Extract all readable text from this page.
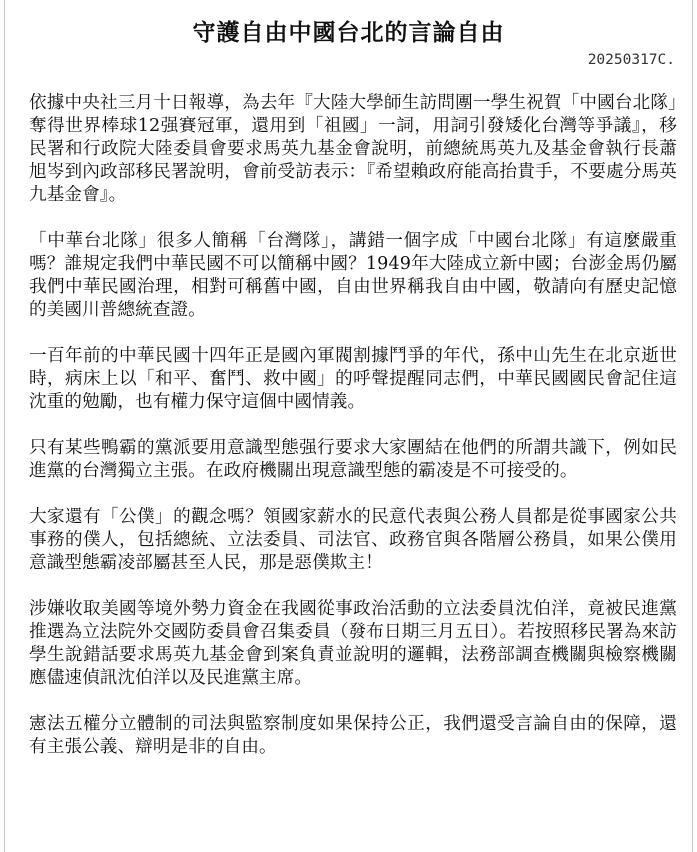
守護自由中國台北的言論自由

20250317C.

依據中央社三月十日報導，為去年『大陸大學師生訪問團一學生祝賀「中國台北隊」奪得世界棒球12强賽冠軍，還用到「祖國」一詞，用詞引發矮化台灣等爭議』，移民署和行政院大陸委員會要求馬英九基金會說明，前總統馬英九及基金會執行長蕭旭岑到內政部移民署說明，會前受訪表示：『希望賴政府能高抬貴手，不要處分馬英九基金會』。

「中華台北隊」很多人簡稱「台灣隊」，講錯一個字成「中國台北隊」有這麼嚴重嗎？誰規定我們中華民國不可以簡稱中國？1949年大陸成立新中國；台澎金馬仍屬我們中華民國治理，相對可稱舊中國，自由世界稱我自由中國，敬請向有歷史記憶的美國川普總統查證。

一百年前的中華民國十四年正是國內軍閥割據鬥爭的年代，孫中山先生在北京逝世時，病床上以「和平、奮鬥、救中國」的呼聲提醒同志們，中華民國國民會記住這沈重的勉勵，也有權力保守這個中國情義。

只有某些鴨霸的黨派要用意識型態强行要求大家團結在他們的所謂共識下，例如民進黨的台灣獨立主張。在政府機關出現意識型態的霸凌是不可接受的。

大家還有「公僕」的觀念嗎？領國家薪水的民意代表與公務人員都是從事國家公共事務的僕人，包括總統、立法委員、司法官、政務官與各階層公務員，如果公僕用意識型態霸凌部屬甚至人民，那是惡僕欺主！

涉嫌收取美國等境外勢力資金在我國從事政治活動的立法委員沈伯洋，竟被民進黨推選為立法院外交國防委員會召集委員（發布日期三月五日）。若按照移民署為來訪學生說錯話要求馬英九基金會到案負責並說明的邏輯，法務部調查機關與檢察機關應儘速偵訊沈伯洋以及民進黨主席。

憲法五權分立體制的司法與監察制度如果保持公正，我們還受言論自由的保障，還有主張公義、辯明是非的自由。
